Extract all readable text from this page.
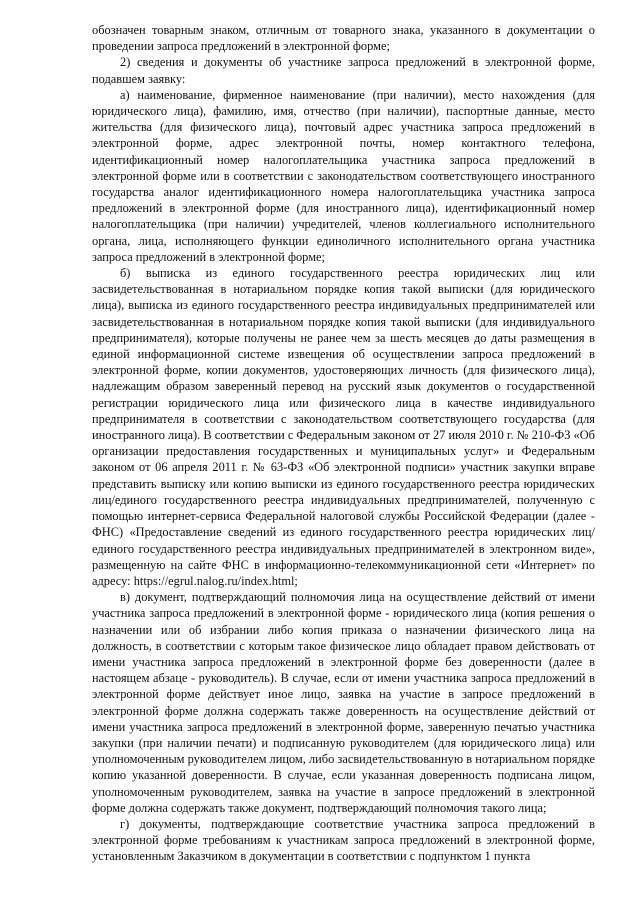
обозначен товарным знаком, отличным от товарного знака, указанного в документации о проведении запроса предложений в электронной форме;

2) сведения и документы об участнике запроса предложений в электронной форме, подавшем заявку:

а) наименование, фирменное наименование (при наличии), место нахождения (для юридического лица), фамилию, имя, отчество (при наличии), паспортные данные, место жительства (для физического лица), почтовый адрес участника запроса предложений в электронной форме, адрес электронной почты, номер контактного телефона, идентификационный номер налогоплательщика участника запроса предложений в электронной форме или в соответствии с законодательством соответствующего иностранного государства аналог идентификационного номера налогоплательщика участника запроса предложений в электронной форме (для иностранного лица), идентификационный номер налогоплательщика (при наличии) учредителей, членов коллегиального исполнительного органа, лица, исполняющего функции единоличного исполнительного органа участника запроса предложений в электронной форме;

б) выписка из единого государственного реестра юридических лиц или засвидетельствованная в нотариальном порядке копия такой выписки (для юридического лица), выписка из единого государственного реестра индивидуальных предпринимателей или засвидетельствованная в нотариальном порядке копия такой выписки (для индивидуального предпринимателя), которые получены не ранее чем за шесть месяцев до даты размещения в единой информационной системе извещения об осуществлении запроса предложений в электронной форме, копии документов, удостоверяющих личность (для физического лица), надлежащим образом заверенный перевод на русский язык документов о государственной регистрации юридического лица или физического лица в качестве индивидуального предпринимателя в соответствии с законодательством соответствующего государства (для иностранного лица). В соответствии с Федеральным законом от 27 июля 2010 г. № 210-ФЗ «Об организации предоставления государственных и муниципальных услуг» и Федеральным законом от 06 апреля 2011 г. № 63-ФЗ «Об электронной подписи» участник закупки вправе представить выписку или копию выписки из единого государственного реестра юридических лиц/единого государственного реестра индивидуальных предпринимателей, полученную с помощью интернет-сервиса Федеральной налоговой службы Российской Федерации (далее - ФНС) «Предоставление сведений из единого государственного реестра юридических лиц/единого государственного реестра индивидуальных предпринимателей в электронном виде», размещенную на сайте ФНС в информационно-телекоммуникационной сети «Интернет» по адресу: https://egrul.nalog.ru/index.html;

в) документ, подтверждающий полномочия лица на осуществление действий от имени участника запроса предложений в электронной форме - юридического лица (копия решения о назначении или об избрании либо копия приказа о назначении физического лица на должность, в соответствии с которым такое физическое лицо обладает правом действовать от имени участника запроса предложений в электронной форме без доверенности (далее в настоящем абзаце - руководитель). В случае, если от имени участника запроса предложений в электронной форме действует иное лицо, заявка на участие в запросе предложений в электронной форме должна содержать также доверенность на осуществление действий от имени участника запроса предложений в электронной форме, заверенную печатью участника закупки (при наличии печати) и подписанную руководителем (для юридического лица) или уполномоченным руководителем лицом, либо засвидетельствованную в нотариальном порядке копию указанной доверенности. В случае, если указанная доверенность подписана лицом, уполномоченным руководителем, заявка на участие в запросе предложений в электронной форме должна содержать также документ, подтверждающий полномочия такого лица;

г) документы, подтверждающие соответствие участника запроса предложений в электронной форме требованиям к участникам запроса предложений в электронной форме, установленным Заказчиком в документации в соответствии с подпунктом 1 пункта
